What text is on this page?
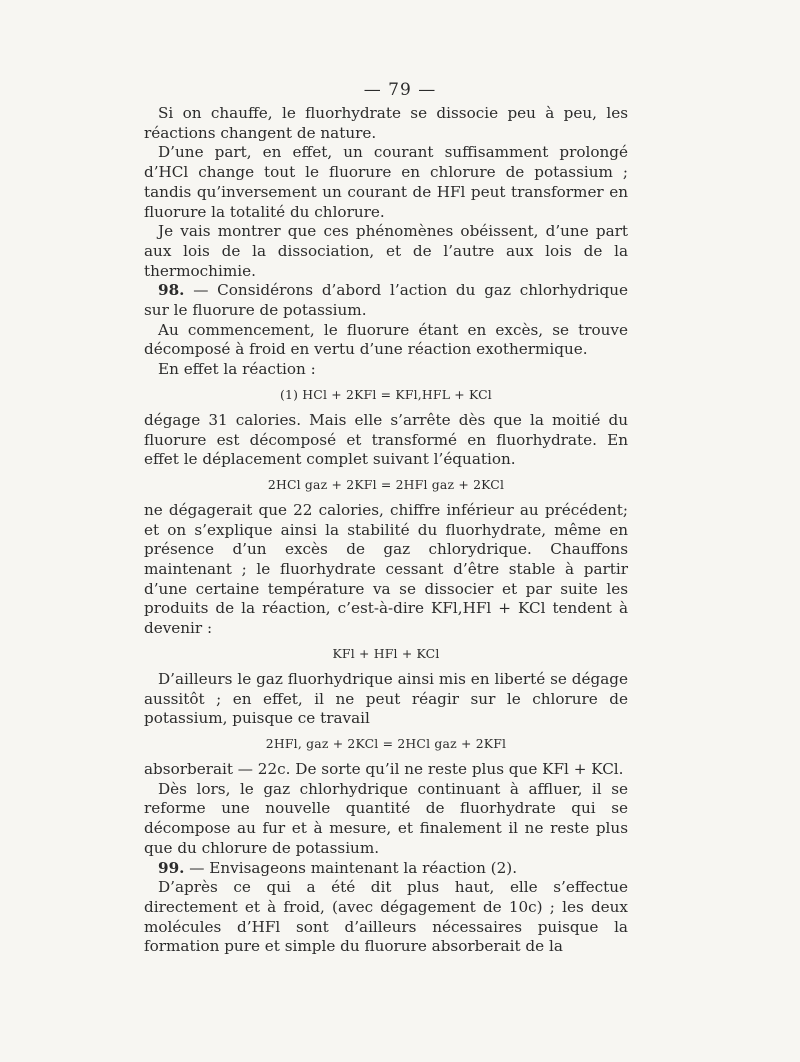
— 79 —

Si on chauffe, le fluorhydrate se dissocie peu à peu, les réactions changent de nature.

D’une part, en effet, un courant suffisamment prolongé d’HCl change tout le fluorure en chlorure de potassium ; tandis qu’inversement un courant de HFl peut transformer en fluorure la totalité du chlorure.

Je vais montrer que ces phénomènes obéissent, d’une part aux lois de la dissociation, et de l’autre aux lois de la thermochimie.

98. — Considérons d’abord l’action du gaz chlorhydrique sur le fluorure de potassium.

Au commencement, le fluorure étant en excès, se trouve décomposé à froid en vertu d’une réaction exothermique.

En effet la réaction :

(1) HCl + 2KFl = KFl,HFL + KCl

dégage 31 calories. Mais elle s’arrête dès que la moitié du fluorure est décomposé et transformé en fluorhydrate. En effet le déplacement complet suivant l’équation.

2HCl gaz + 2KFl = 2HFl gaz + 2KCl

ne dégagerait que 22 calories, chiffre inférieur au précédent; et on s’explique ainsi la stabilité du fluorhydrate, même en présence d’un excès de gaz chlorydrique. Chauffons maintenant ; le fluorhydrate cessant d’être stable à partir d’une certaine température va se dissocier et par suite les produits de la réaction, c’est-à-dire KFl,HFl + KCl tendent à devenir :

KFl + HFl + KCl

D’ailleurs le gaz fluorhydrique ainsi mis en liberté se dégage aussitôt ; en effet, il ne peut réagir sur le chlorure de potassium, puisque ce travail

2HFl, gaz + 2KCl = 2HCl gaz + 2KFl

absorberait — 22c. De sorte qu’il ne reste plus que KFl + KCl.

Dès lors, le gaz chlorhydrique continuant à affluer, il se reforme une nouvelle quantité de fluorhydrate qui se décompose au fur et à mesure, et finalement il ne reste plus que du chlorure de potassium.

99. — Envisageons maintenant la réaction (2).

D’après ce qui a été dit plus haut, elle s’effectue directement et à froid, (avec dégagement de 10c) ; les deux molécules d’HFl sont d’ailleurs nécessaires puisque la formation pure et simple du fluorure absorberait de la
